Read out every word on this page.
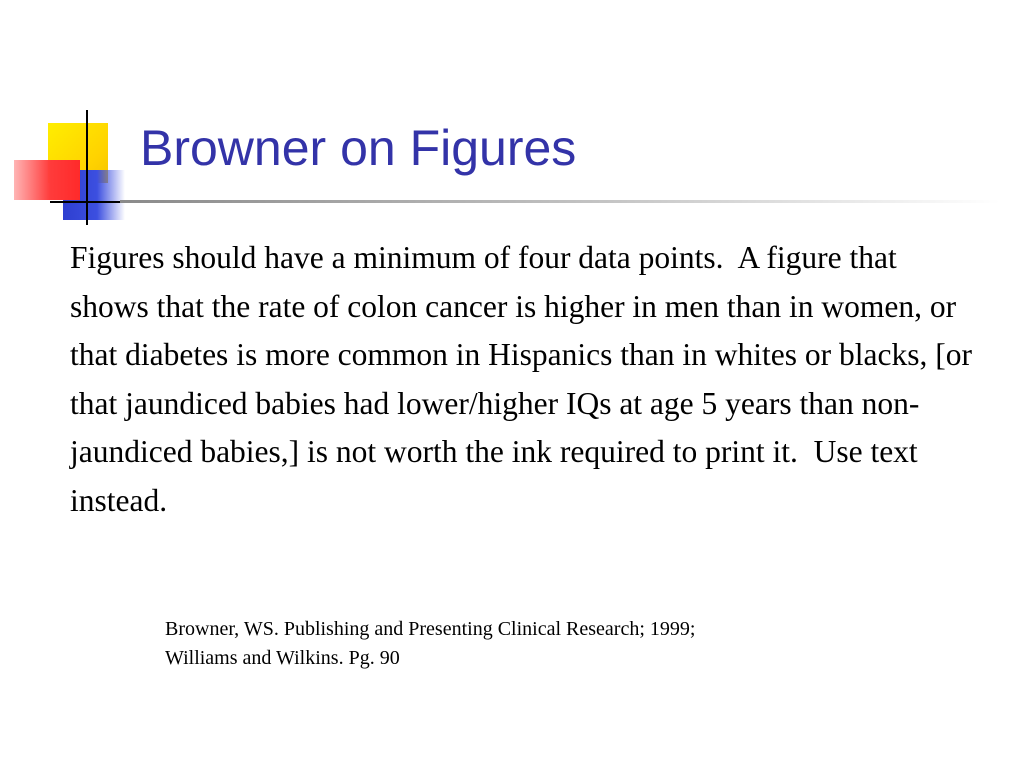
Browner on Figures

Figures should have a minimum of four data points.  A figure that shows that the rate of colon cancer is higher in men than in women, or that diabetes is more common in Hispanics than in whites or blacks, [or that jaundiced babies had lower/higher IQs at age 5 years than non-jaundiced babies,] is not worth the ink required to print it.  Use text instead.

Browner, WS. Publishing and Presenting Clinical Research; 1999;
Williams and Wilkins. Pg. 90
